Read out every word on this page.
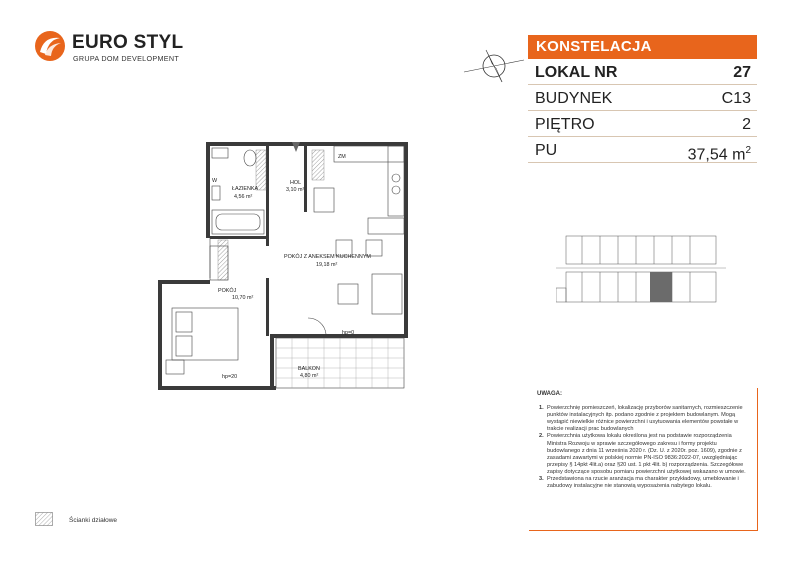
EURO STYL
GRUPA DOM DEVELOPMENT
KONSTELACJA
LOKAL NR	27
BUDYNEK	C13
PIĘTRO	2
PU	37,54 $m^2$
ŁAZIENKA
4,56 m²
HOL
3,10 m²
POKÓJ Z ANEKSEM KUCHENNYM
19,18 m²
POKÓJ
10,70 m²
BALKON
4,80 m²
W
ZM
hp=0
hp=20
UWAGA:
1. Powierzchnię pomieszczeń, lokalizację przyborów sanitarnych, rozmieszczenie punktów instalacyjnych itp. podano zgodnie z projektem budowlanym. Mogą wystąpić niewielkie różnice powierzchni i usytuowania elementów powstałe w trakcie realizacji prac budowlanych
2. Powierzchnia użytkowa lokalu określona jest na podstawie rozporządzenia Ministra Rozwoju w sprawie szczegółowego zakresu i formy projektu budowlanego z dnia 11 września 2020 r. (Dz. U. z 2020r. poz. 1609), zgodnie z zasadami zawartymi w polskiej normie PN-ISO 9836:2022-07, uwzględniając przepisy § 14pkt 4lit.a) oraz §20 ust. 1 pkt 4lit. b) rozporządzenia. Szczegółowe zapisy dotyczące sposobu pomiaru powierzchni użytkowej wskazano w umowie.
3. Przedstawiona na rzucie aranżacja ma charakter przykładowy, umeblowanie i zabudowy instalacyjne nie stanowią wyposażenia nabytego lokalu.
Ścianki działowe
